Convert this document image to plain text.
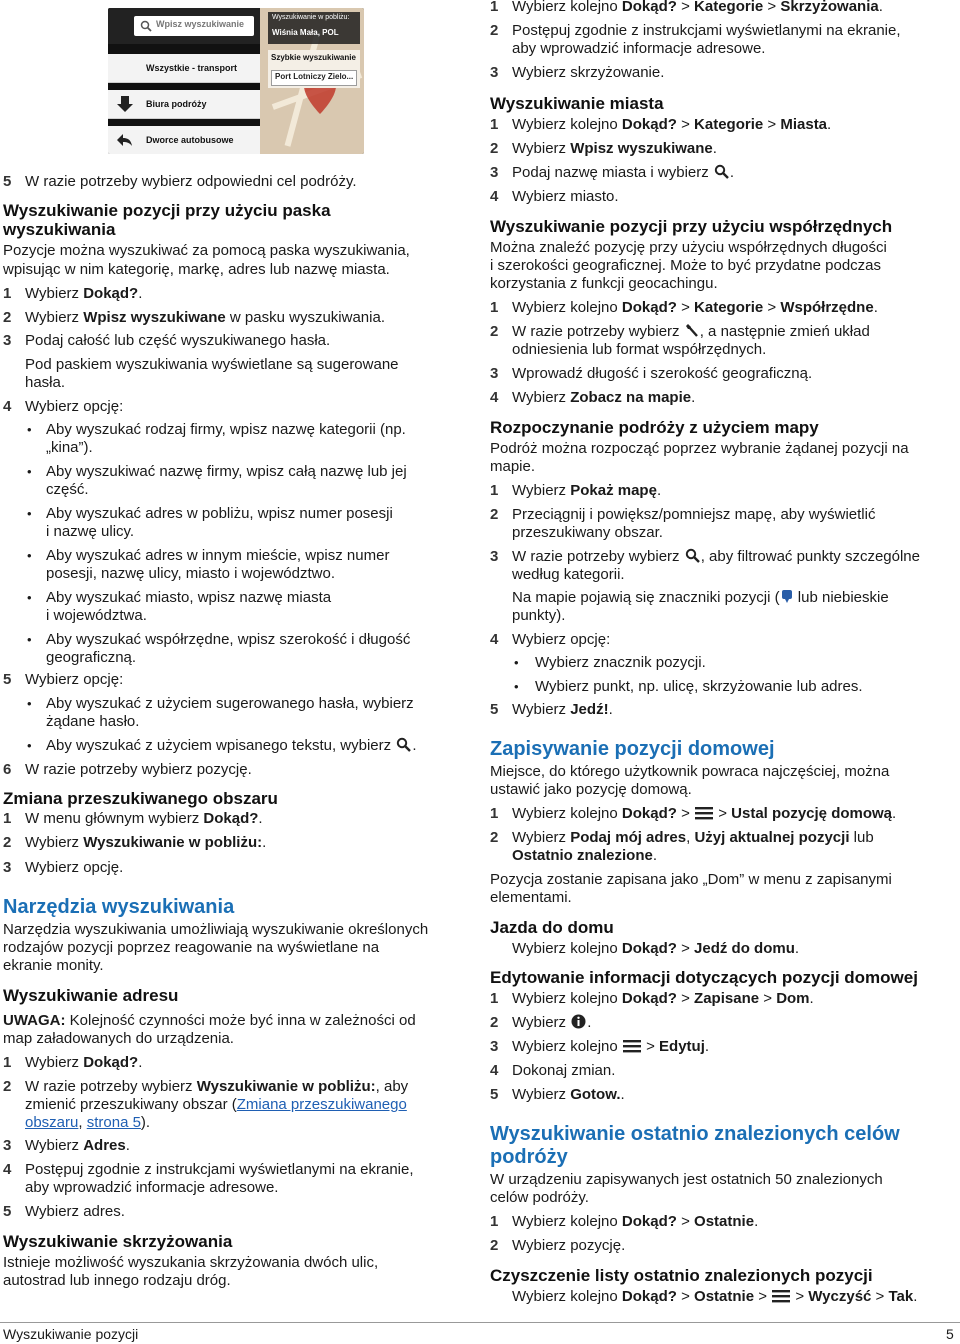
Wpisz wyszukiwanie
Wszystkie - transport
Biura podróży
Dworce autobusowe
Wyszukiwanie w pobliżu:
Wiśnia Mała, POL
Szybkie wyszukiwanie
Port Lotniczy Zielo...
5 W razie potrzeby wybierz odpowiedni cel podróży.
Wyszukiwanie pozycji przy użyciu paska
wyszukiwania
Pozycje można wyszukiwać za pomocą paska wyszukiwania,
wpisując w nim kategorię, markę, adres lub nazwę miasta.
1 Wybierz Dokąd?.
2 Wybierz Wpisz wyszukiwane w pasku wyszukiwania.
3 Podaj całość lub część wyszukiwanego hasła.
Pod paskiem wyszukiwania wyświetlane są sugerowane
hasła.
4 Wybierz opcję:
• Aby wyszukać rodzaj firmy, wpisz nazwę kategorii (np.
„kina”).
• Aby wyszukiwać nazwę firmy, wpisz całą nazwę lub jej
część.
• Aby wyszukać adres w pobliżu, wpisz numer posesji
i nazwę ulicy.
• Aby wyszukać adres w innym mieście, wpisz numer
posesji, nazwę ulicy, miasto i województwo.
• Aby wyszukać miasto, wpisz nazwę miasta
i województwa.
• Aby wyszukać współrzędne, wpisz szerokość i długość
geograficzną.
5 Wybierz opcję:
• Aby wyszukać z użyciem sugerowanego hasła, wybierz
żądane hasło.
• Aby wyszukać z użyciem wpisanego tekstu, wybierz .
6 W razie potrzeby wybierz pozycję.
Zmiana przeszukiwanego obszaru
1 W menu głównym wybierz Dokąd?.
2 Wybierz Wyszukiwanie w pobliżu:.
3 Wybierz opcję.
Narzędzia wyszukiwania
Narzędzia wyszukiwania umożliwiają wyszukiwanie określonych
rodzajów pozycji poprzez reagowanie na wyświetlane na
ekranie monity.
Wyszukiwanie adresu
UWAGA: Kolejność czynności może być inna w zależności od
map załadowanych do urządzenia.
1 Wybierz Dokąd?.
2 W razie potrzeby wybierz Wyszukiwanie w pobliżu:, aby
zmienić przeszukiwany obszar (Zmiana przeszukiwanego
obszaru, strona 5).
3 Wybierz Adres.
4 Postępuj zgodnie z instrukcjami wyświetlanymi na ekranie,
aby wprowadzić informacje adresowe.
5 Wybierz adres.
Wyszukiwanie skrzyżowania
Istnieje możliwość wyszukania skrzyżowania dwóch ulic,
autostrad lub innego rodzaju dróg.
1 Wybierz kolejno Dokąd? > Kategorie > Skrzyżowania.
2 Postępuj zgodnie z instrukcjami wyświetlanymi na ekranie,
aby wprowadzić informacje adresowe.
3 Wybierz skrzyżowanie.
Wyszukiwanie miasta
1 Wybierz kolejno Dokąd? > Kategorie > Miasta.
2 Wybierz Wpisz wyszukiwane.
3 Podaj nazwę miasta i wybierz .
4 Wybierz miasto.
Wyszukiwanie pozycji przy użyciu współrzędnych
Można znaleźć pozycję przy użyciu współrzędnych długości
i szerokości geograficznej. Może to być przydatne podczas
korzystania z funkcji geocachingu.
1 Wybierz kolejno Dokąd? > Kategorie > Współrzędne.
2 W razie potrzeby wybierz , a następnie zmień układ
odniesienia lub format współrzędnych.
3 Wprowadź długość i szerokość geograficzną.
4 Wybierz Zobacz na mapie.
Rozpoczynanie podróży z użyciem mapy
Podróż można rozpocząć poprzez wybranie żądanej pozycji na
mapie.
1 Wybierz Pokaż mapę.
2 Przeciągnij i powiększ/pomniejsz mapę, aby wyświetlić
przeszukiwany obszar.
3 W razie potrzeby wybierz , aby filtrować punkty szczególne
według kategorii.
Na mapie pojawią się znaczniki pozycji ( lub niebieskie
punkty).
4 Wybierz opcję:
• Wybierz znacznik pozycji.
• Wybierz punkt, np. ulicę, skrzyżowanie lub adres.
5 Wybierz Jedź!.
Zapisywanie pozycji domowej
Miejsce, do którego użytkownik powraca najczęściej, można
ustawić jako pozycję domową.
1 Wybierz kolejno Dokąd? >  > Ustal pozycję domową.
2 Wybierz Podaj mój adres, Użyj aktualnej pozycji lub
Ostatnio znalezione.
Pozycja zostanie zapisana jako „Dom” w menu z zapisanymi
elementami.
Jazda do domu
Wybierz kolejno Dokąd? > Jedź do domu.
Edytowanie informacji dotyczących pozycji domowej
1 Wybierz kolejno Dokąd? > Zapisane > Dom.
2 Wybierz .
3 Wybierz kolejno  > Edytuj.
4 Dokonaj zmian.
5 Wybierz Gotow..
Wyszukiwanie ostatnio znalezionych celów
podróży
W urządzeniu zapisywanych jest ostatnich 50 znalezionych
celów podróży.
1 Wybierz kolejno Dokąd? > Ostatnie.
2 Wybierz pozycję.
Czyszczenie listy ostatnio znalezionych pozycji
Wybierz kolejno Dokąd? > Ostatnie >  > Wyczyść > Tak.
Wyszukiwanie pozycji	5
